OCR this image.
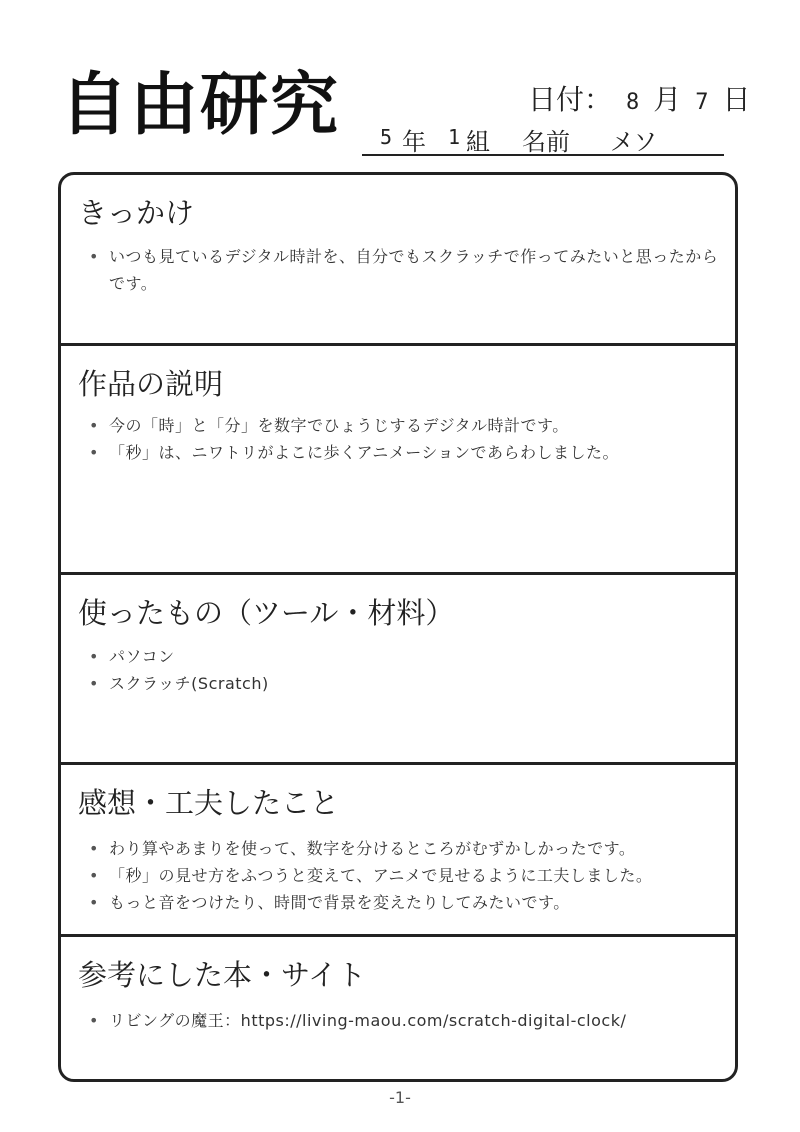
自由研究	日付： 8 月 7 日
5 年 1 組 名前 メソ
きっかけ
• いつも見ているデジタル時計を、自分でもスクラッチで作ってみたいと思ったからです。
作品の説明
• 今の「時」と「分」を数字でひょうじするデジタル時計です。
• 「秒」は、ニワトリがよこに歩くアニメーションであらわしました。
使ったもの（ツール・材料）
• パソコン
• スクラッチ(Scratch)
感想・工夫したこと
• わり算やあまりを使って、数字を分けるところがむずかしかったです。
• 「秒」の見せ方をふつうと変えて、アニメで見せるように工夫しました。
• もっと音をつけたり、時間で背景を変えたりしてみたいです。
参考にした本・サイト
• リビングの魔王：https://living-maou.com/scratch-digital-clock/
-1-
